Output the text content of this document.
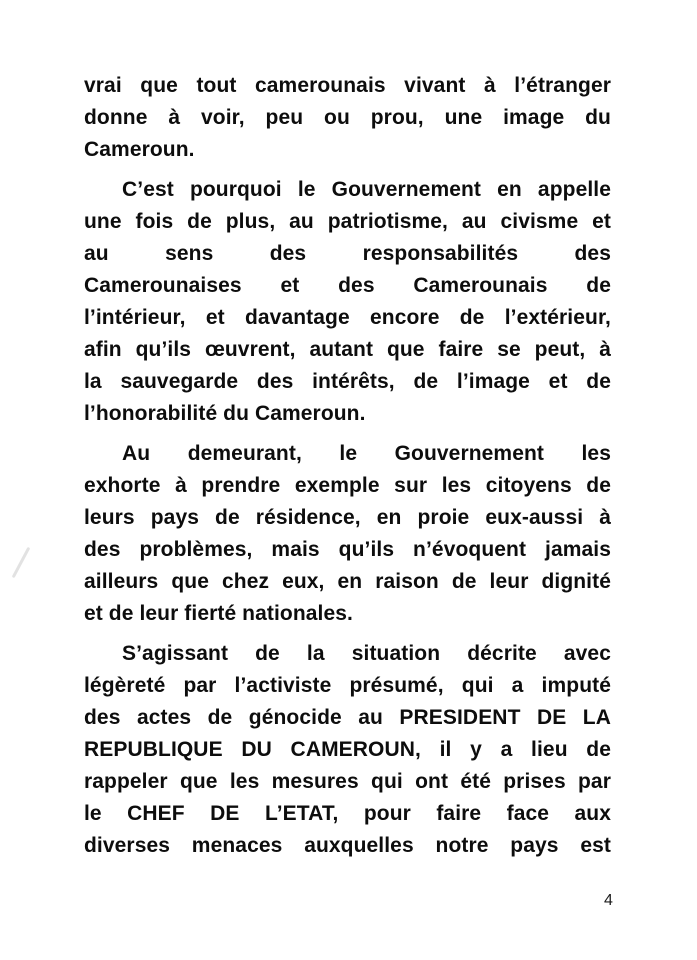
vrai que tout camerounais vivant à l’étranger
donne à voir, peu ou prou, une image du
Cameroun.
C’est pourquoi le Gouvernement en appelle
une fois de plus, au patriotisme, au civisme et
au sens des responsabilités des
Camerounaises et des Camerounais de
l’intérieur, et davantage encore de l’extérieur,
afin qu’ils œuvrent, autant que faire se peut, à
la sauvegarde des intérêts, de l’image et de
l’honorabilité du Cameroun.
Au demeurant, le Gouvernement les
exhorte à prendre exemple sur les citoyens de
leurs pays de résidence, en proie eux-aussi à
des problèmes, mais qu’ils n’évoquent jamais
ailleurs que chez eux, en raison de leur dignité
et de leur fierté nationales.
S’agissant de la situation décrite avec
légèreté par l’activiste présumé, qui a imputé
des actes de génocide au PRESIDENT DE LA
REPUBLIQUE DU CAMEROUN, il y a lieu de
rappeler que les mesures qui ont été prises par
le CHEF DE L’ETAT, pour faire face aux
diverses menaces auxquelles notre pays est
4
